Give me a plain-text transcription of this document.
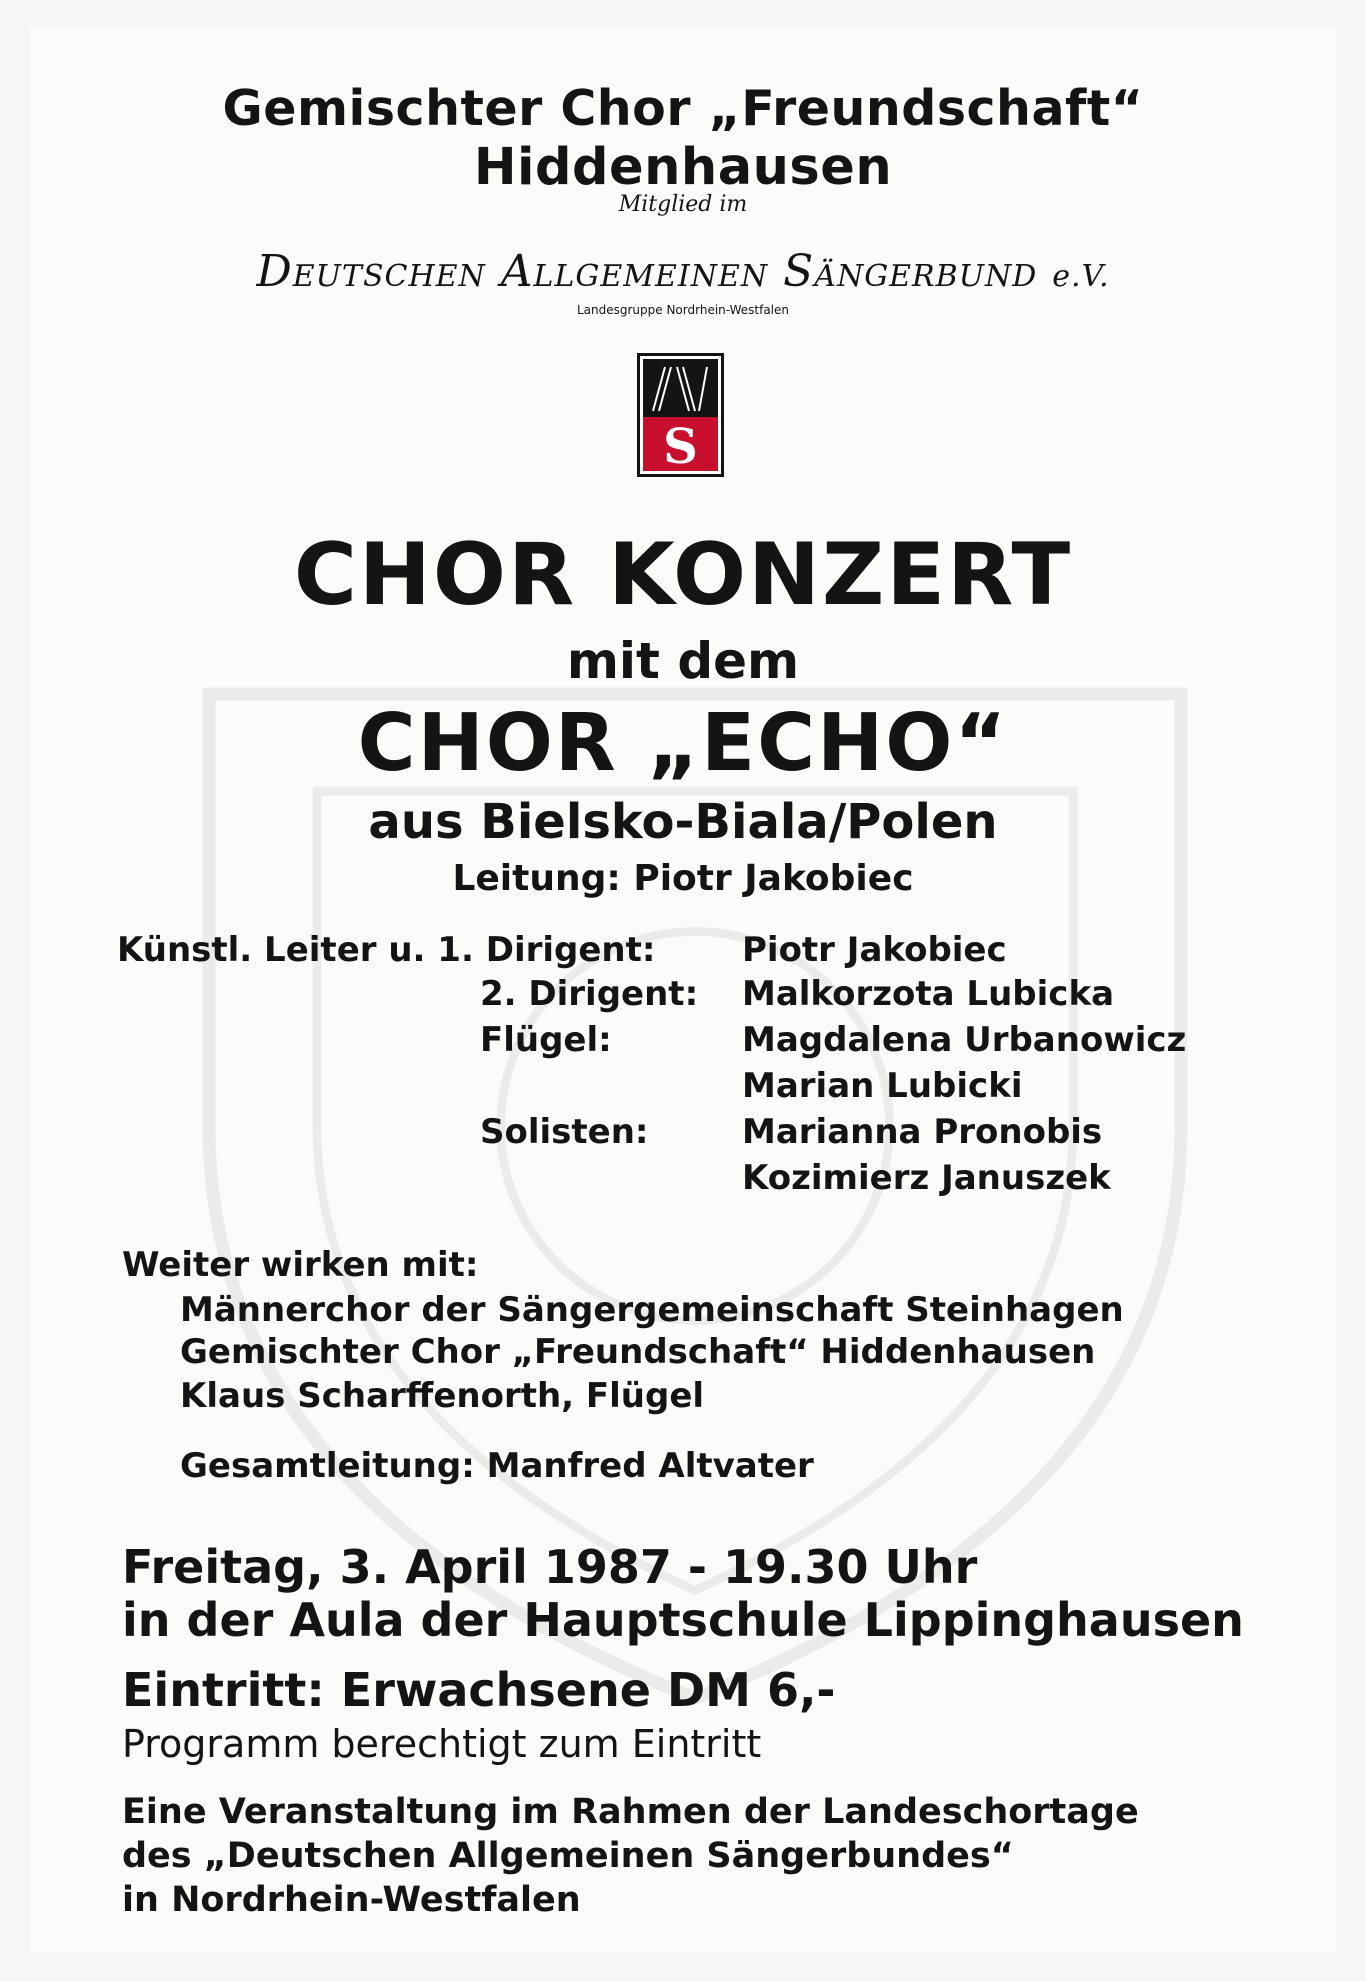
Gemischter Chor „Freundschaft“
Hiddenhausen
Mitglied im
DEUTSCHEN ALLGEMEINEN SÄNGERBUND e.V.
Landesgruppe Nordrhein-Westfalen
S
CHOR KONZERT
mit dem
CHOR „ECHO“
aus Bielsko-Biala/Polen
Leitung: Piotr Jakobiec
Künstl. Leiter u. 1. Dirigent:	Piotr Jakobiec
2. Dirigent: Malkorzota Lubicka
Flügel:	Magdalena Urbanowicz
Marian Lubicki
Solisten:	Marianna Pronobis
Kozimierz Januszek
Weiter wirken mit:
Männerchor der Sängergemeinschaft Steinhagen
Gemischter Chor „Freundschaft“ Hiddenhausen
Klaus Scharffenorth, Flügel
Gesamtleitung: Manfred Altvater
Freitag, 3. April 1987 - 19.30 Uhr
in der Aula der Hauptschule Lippinghausen
Eintritt: Erwachsene DM 6,-
Programm berechtigt zum Eintritt
Eine Veranstaltung im Rahmen der Landeschortage
des „Deutschen Allgemeinen Sängerbundes“
in Nordrhein-Westfalen
